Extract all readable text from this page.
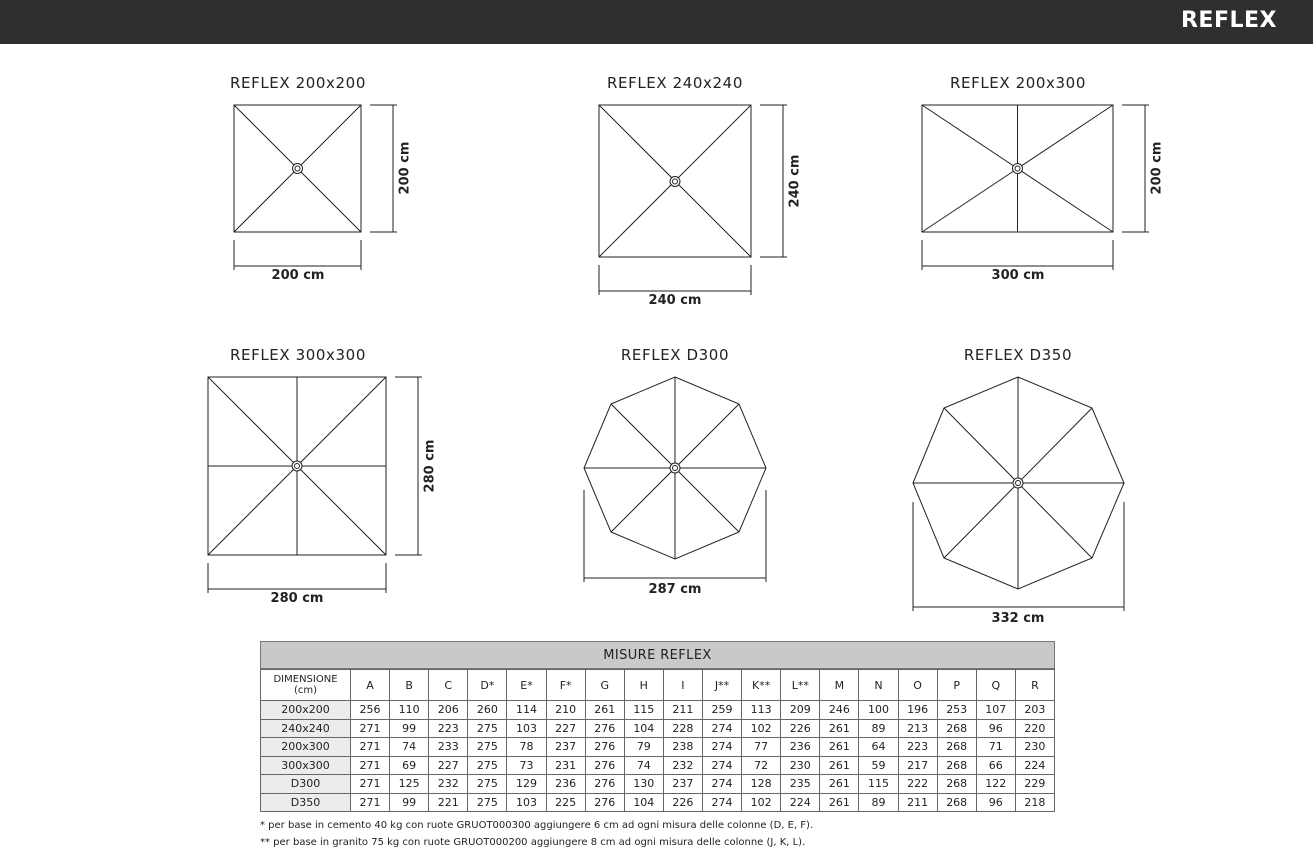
REFLEX
REFLEX 200x200	REFLEX 240x240	REFLEX 200x300
REFLEX 300x300	REFLEX D300	REFLEX D350
200 cm
200 cm
240 cm
240 cm
300 cm
200 cm
280 cm
280 cm
287 cm
332 cm
MISURE REFLEX
DIMENSIONE (cm)	A	B	C	D*	E*	F*	G	H	I	J**	K**	L**	M	N	O	P	Q	R
200x200	256	110	206	260	114	210	261	115	211	259	113	209	246	100	196	253	107	203
240x240	271	99	223	275	103	227	276	104	228	274	102	226	261	89	213	268	96	220
200x300	271	74	233	275	78	237	276	79	238	274	77	236	261	64	223	268	71	230
300x300	271	69	227	275	73	231	276	74	232	274	72	230	261	59	217	268	66	224
D300	271	125	232	275	129	236	276	130	237	274	128	235	261	115	222	268	122	229
D350	271	99	221	275	103	225	276	104	226	274	102	224	261	89	211	268	96	218
* per base in cemento 40 kg con ruote GRUOT000300 aggiungere 6 cm ad ogni misura delle colonne (D, E, F).
** per base in granito 75 kg con ruote GRUOT000200 aggiungere 8 cm ad ogni misura delle colonne (J, K, L).
